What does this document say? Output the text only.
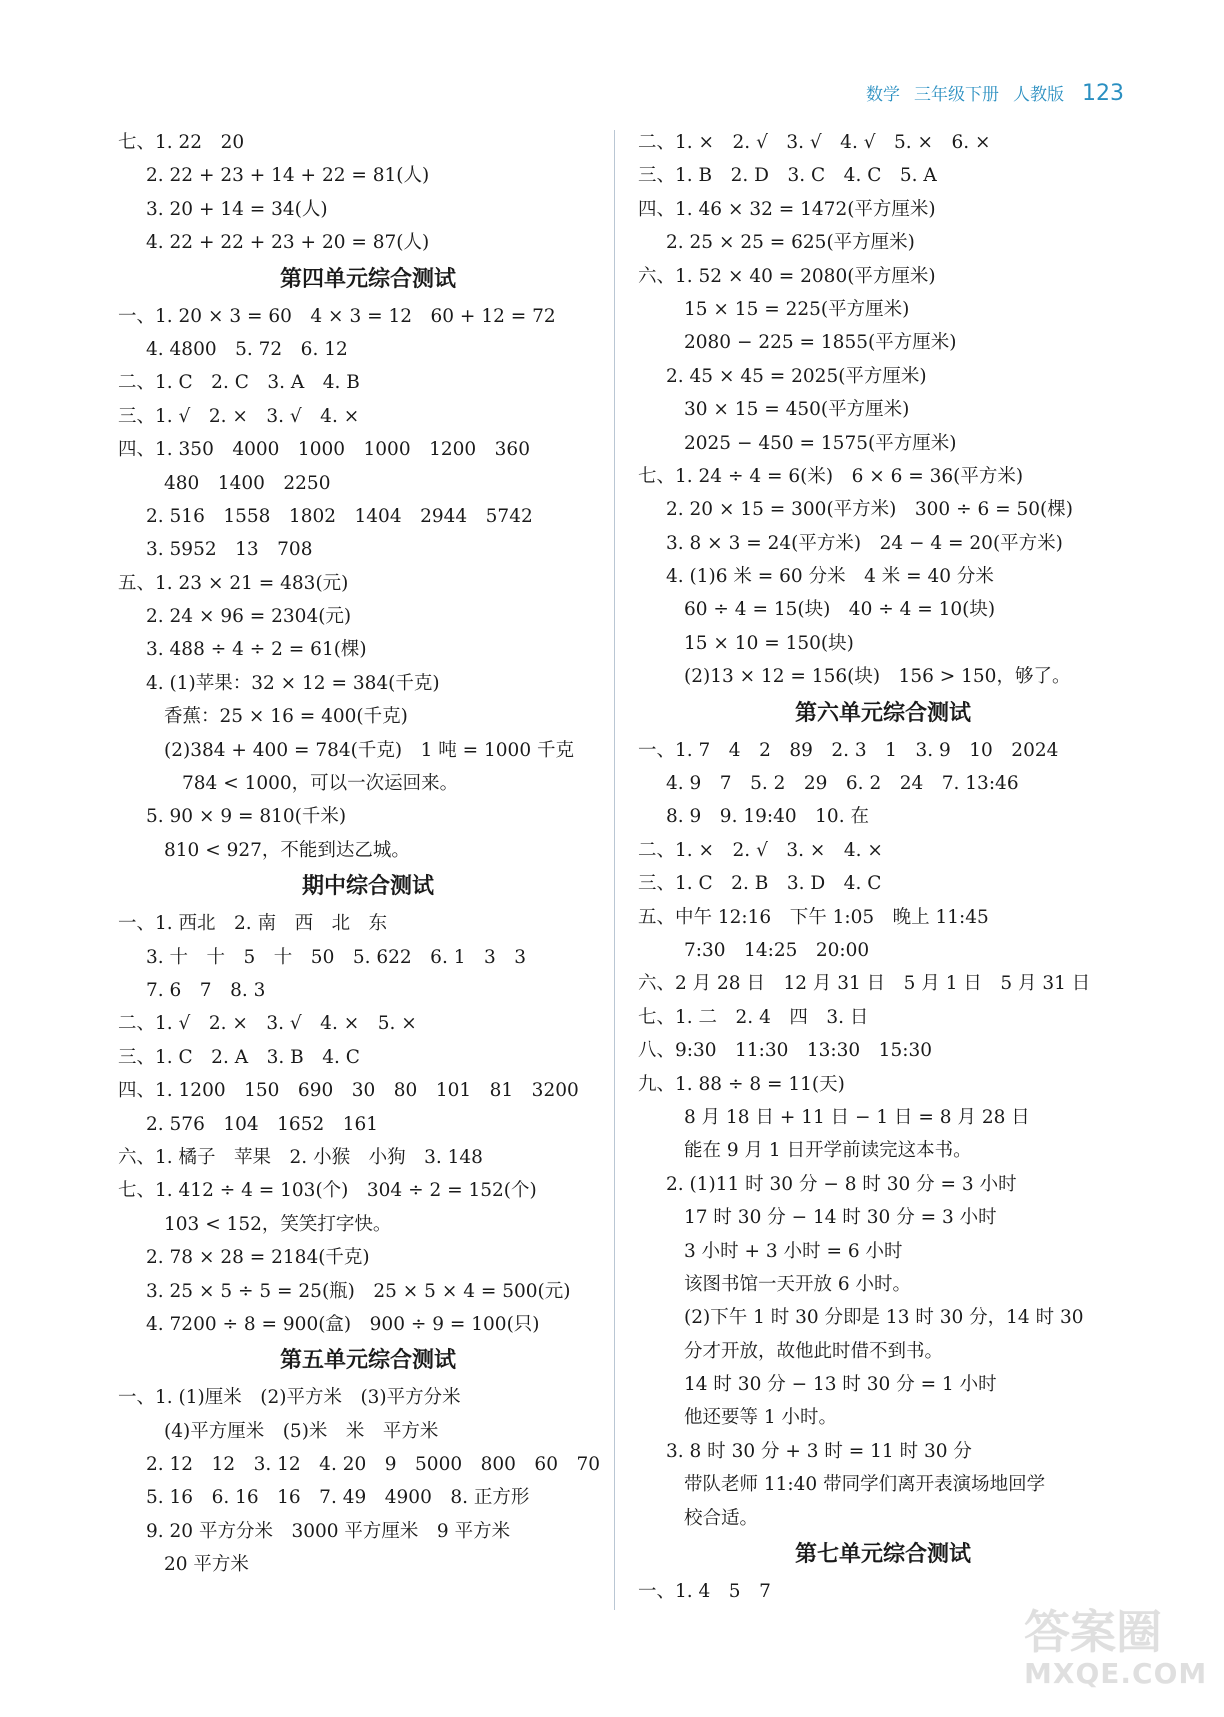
数学 三年级下册 人教版 123
七、1. 22　20
2. 22 + 23 + 14 + 22 = 81(人)
3. 20 + 14 = 34(人)
4. 22 + 22 + 23 + 20 = 87(人)
第四单元综合测试
一、1. 20 × 3 = 60　4 × 3 = 12　60 + 12 = 72
4. 4800　5. 72　6. 12
二、1. C　2. C　3. A　4. B
三、1. √　2. ×　3. √　4. ×
四、1. 350　4000　1000　1000　1200　360
480　1400　2250
2. 516　1558　1802　1404　2944　5742
3. 5952　13　708
五、1. 23 × 21 = 483(元)
2. 24 × 96 = 2304(元)
3. 488 ÷ 4 ÷ 2 = 61(棵)
4. (1)苹果：32 × 12 = 384(千克)
香蕉：25 × 16 = 400(千克)
(2)384 + 400 = 784(千克)　1 吨 = 1000 千克
784 < 1000，可以一次运回来。
5. 90 × 9 = 810(千米)
810 < 927，不能到达乙城。
期中综合测试
一、1. 西北　2. 南　西　北　东
3. 十　十　5　十　50　5. 622　6. 1　3　3
7. 6　7　8. 3
二、1. √　2. ×　3. √　4. ×　5. ×
三、1. C　2. A　3. B　4. C
四、1. 1200　150　690　30　80　101　81　3200
2. 576　104　1652　161
六、1. 橘子　苹果　2. 小猴　小狗　3. 148
七、1. 412 ÷ 4 = 103(个)　304 ÷ 2 = 152(个)
103 < 152，笑笑打字快。
2. 78 × 28 = 2184(千克)
3. 25 × 5 ÷ 5 = 25(瓶)　25 × 5 × 4 = 500(元)
4. 7200 ÷ 8 = 900(盒)　900 ÷ 9 = 100(只)
第五单元综合测试
一、1. (1)厘米　(2)平方米　(3)平方分米
(4)平方厘米　(5)米　米　平方米
2. 12　12　3. 12　4. 20　9　5000　800　60　70
5. 16　6. 16　16　7. 49　4900　8. 正方形
9. 20 平方分米　3000 平方厘米　9 平方米
20 平方米
二、1. ×　2. √　3. √　4. √　5. ×　6. ×
三、1. B　2. D　3. C　4. C　5. A
四、1. 46 × 32 = 1472(平方厘米)
2. 25 × 25 = 625(平方厘米)
六、1. 52 × 40 = 2080(平方厘米)
15 × 15 = 225(平方厘米)
2080 − 225 = 1855(平方厘米)
2. 45 × 45 = 2025(平方厘米)
30 × 15 = 450(平方厘米)
2025 − 450 = 1575(平方厘米)
七、1. 24 ÷ 4 = 6(米)　6 × 6 = 36(平方米)
2. 20 × 15 = 300(平方米)　300 ÷ 6 = 50(棵)
3. 8 × 3 = 24(平方米)　24 − 4 = 20(平方米)
4. (1)6 米 = 60 分米　4 米 = 40 分米
60 ÷ 4 = 15(块)　40 ÷ 4 = 10(块)
15 × 10 = 150(块)
(2)13 × 12 = 156(块)　156 > 150，够了。
第六单元综合测试
一、1. 7　4　2　89　2. 3　1　3. 9　10　2024
4. 9　7　5. 2　29　6. 2　24　7. 13:46
8. 9　9. 19:40　10. 在
二、1. ×　2. √　3. ×　4. ×
三、1. C　2. B　3. D　4. C
五、中午 12:16　下午 1:05　晚上 11:45
7:30　14:25　20:00
六、2 月 28 日　12 月 31 日　5 月 1 日　5 月 31 日
七、1. 二　2. 4　四　3. 日
八、9:30　11:30　13:30　15:30
九、1. 88 ÷ 8 = 11(天)
8 月 18 日 + 11 日 − 1 日 = 8 月 28 日
能在 9 月 1 日开学前读完这本书。
2. (1)11 时 30 分 − 8 时 30 分 = 3 小时
17 时 30 分 − 14 时 30 分 = 3 小时
3 小时 + 3 小时 = 6 小时
该图书馆一天开放 6 小时。
(2)下午 1 时 30 分即是 13 时 30 分，14 时 30
分才开放，故他此时借不到书。
14 时 30 分 − 13 时 30 分 = 1 小时
他还要等 1 小时。
3. 8 时 30 分 + 3 时 = 11 时 30 分
带队老师 11:40 带同学们离开表演场地回学
校合适。
第七单元综合测试
一、1. 4　5　7
答案圈
MXQE.COM
